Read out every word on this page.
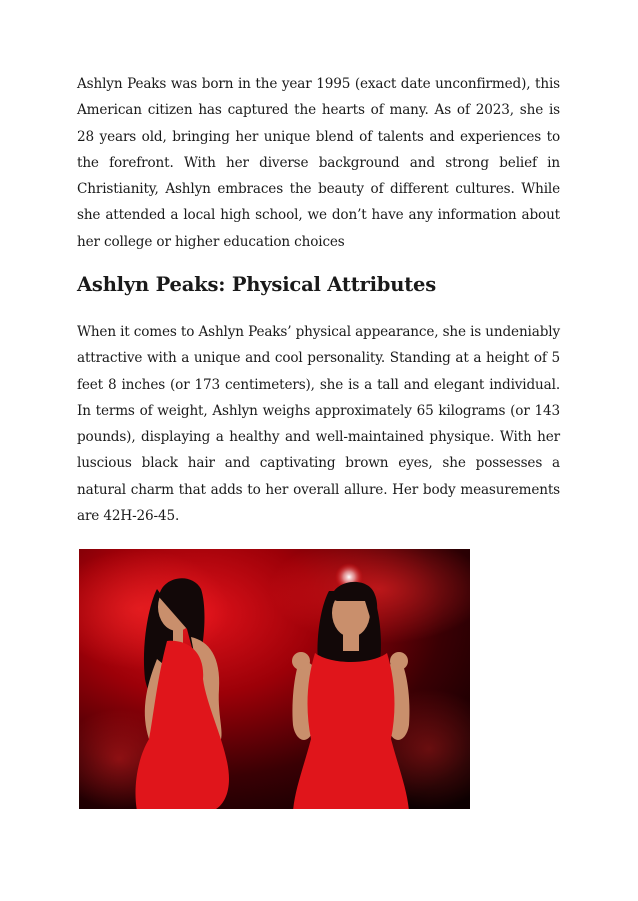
Ashlyn Peaks was born in the year 1995 (exact date unconfirmed), this American citizen has captured the hearts of many. As of 2023, she is 28 years old, bringing her unique blend of talents and experiences to the forefront. With her diverse background and strong belief in Christianity, Ashlyn embraces the beauty of different cultures. While she attended a local high school, we don’t have any information about her college or higher education choices

Ashlyn Peaks: Physical Attributes

When it comes to Ashlyn Peaks’ physical appearance, she is undeniably attractive with a unique and cool personality. Standing at a height of 5 feet 8 inches (or 173 centimeters), she is a tall and elegant individual. In terms of weight, Ashlyn weighs approximately 65 kilograms (or 143 pounds), displaying a healthy and well-maintained physique. With her luscious black hair and captivating brown eyes, she possesses a natural charm that adds to her overall allure. Her body measurements are 42H-26-45.
